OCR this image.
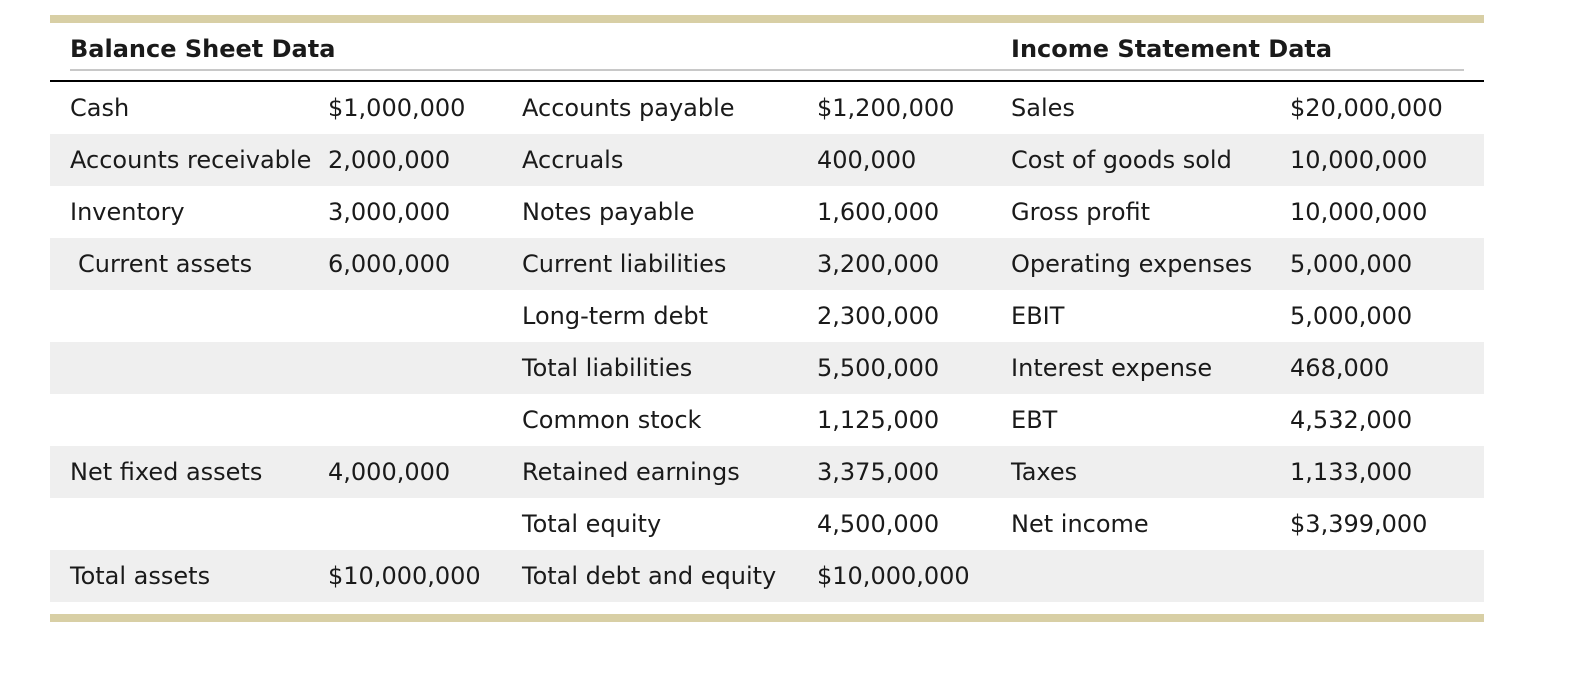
Balance Sheet Data				Income Statement Data	

Cash	$1,000,000	Accounts payable	$1,200,000	Sales	$20,000,000
Accounts receivable	2,000,000	Accruals	400,000	Cost of goods sold	10,000,000
Inventory	3,000,000	Notes payable	1,600,000	Gross profit	10,000,000
Current assets	6,000,000	Current liabilities	3,200,000	Operating expenses	5,000,000
		Long-term debt	2,300,000	EBIT	5,000,000
		Total liabilities	5,500,000	Interest expense	468,000
		Common stock	1,125,000	EBT	4,532,000
Net fixed assets	4,000,000	Retained earnings	3,375,000	Taxes	1,133,000
		Total equity	4,500,000	Net income	$3,399,000
Total assets	$10,000,000	Total debt and equity	$10,000,000		
